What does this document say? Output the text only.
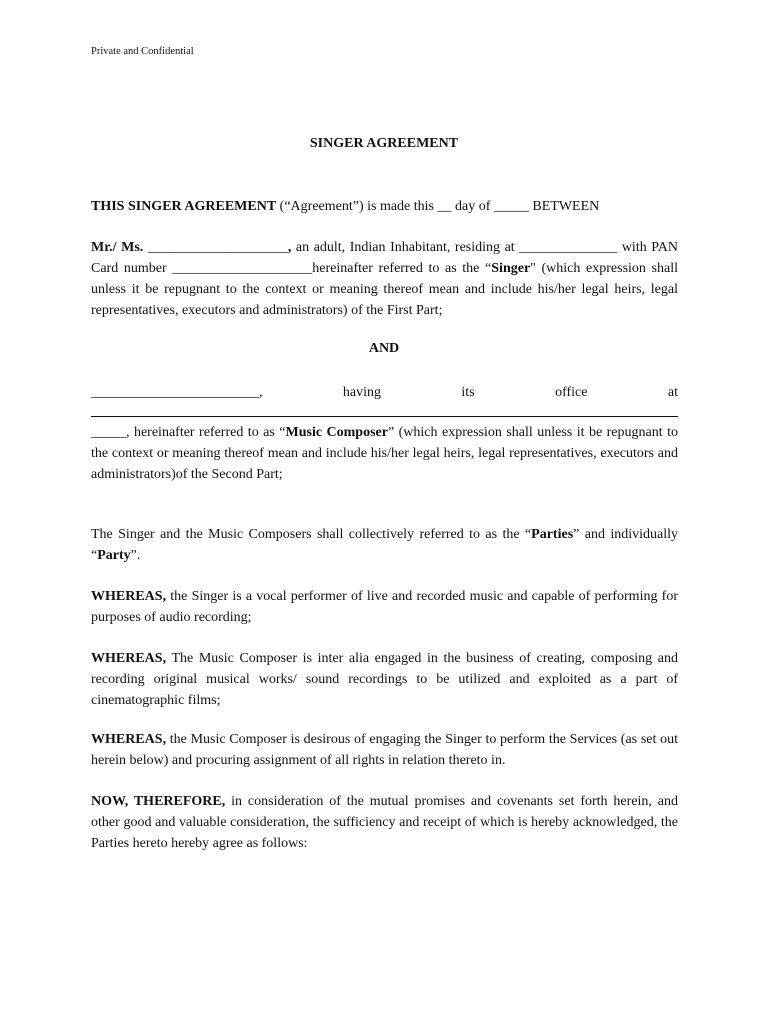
Private and Confidential
SINGER AGREEMENT
THIS SINGER AGREEMENT (“Agreement”) is made this __ day of _____ BETWEEN
Mr./ Ms. ____________________, an adult, Indian Inhabitant, residing at ______________ with PAN Card number ____________________hereinafter referred to as the “Singer" (which expression shall unless it be repugnant to the context or meaning thereof mean and include his/her legal heirs, legal representatives, executors and administrators) of the First Part;
AND
________________________,	having	its	office	at
_____, hereinafter referred to as “Music Composer” (which expression shall unless it be repugnant to the context or meaning thereof mean and include his/her legal heirs, legal representatives, executors and administrators)of the Second Part;
The Singer and the Music Composers shall collectively referred to as the “Parties” and individually “Party”.
WHEREAS, the Singer is a vocal performer of live and recorded music and capable of performing for purposes of audio recording;
WHEREAS, The Music Composer is inter alia engaged in the business of creating, composing and recording original musical works/ sound recordings to be utilized and exploited as a part of cinematographic films;
WHEREAS, the Music Composer is desirous of engaging the Singer to perform the Services (as set out herein below) and procuring assignment of all rights in relation thereto in.
NOW, THEREFORE, in consideration of the mutual promises and covenants set forth herein, and other good and valuable consideration, the sufficiency and receipt of which is hereby acknowledged, the Parties hereto hereby agree as follows:
